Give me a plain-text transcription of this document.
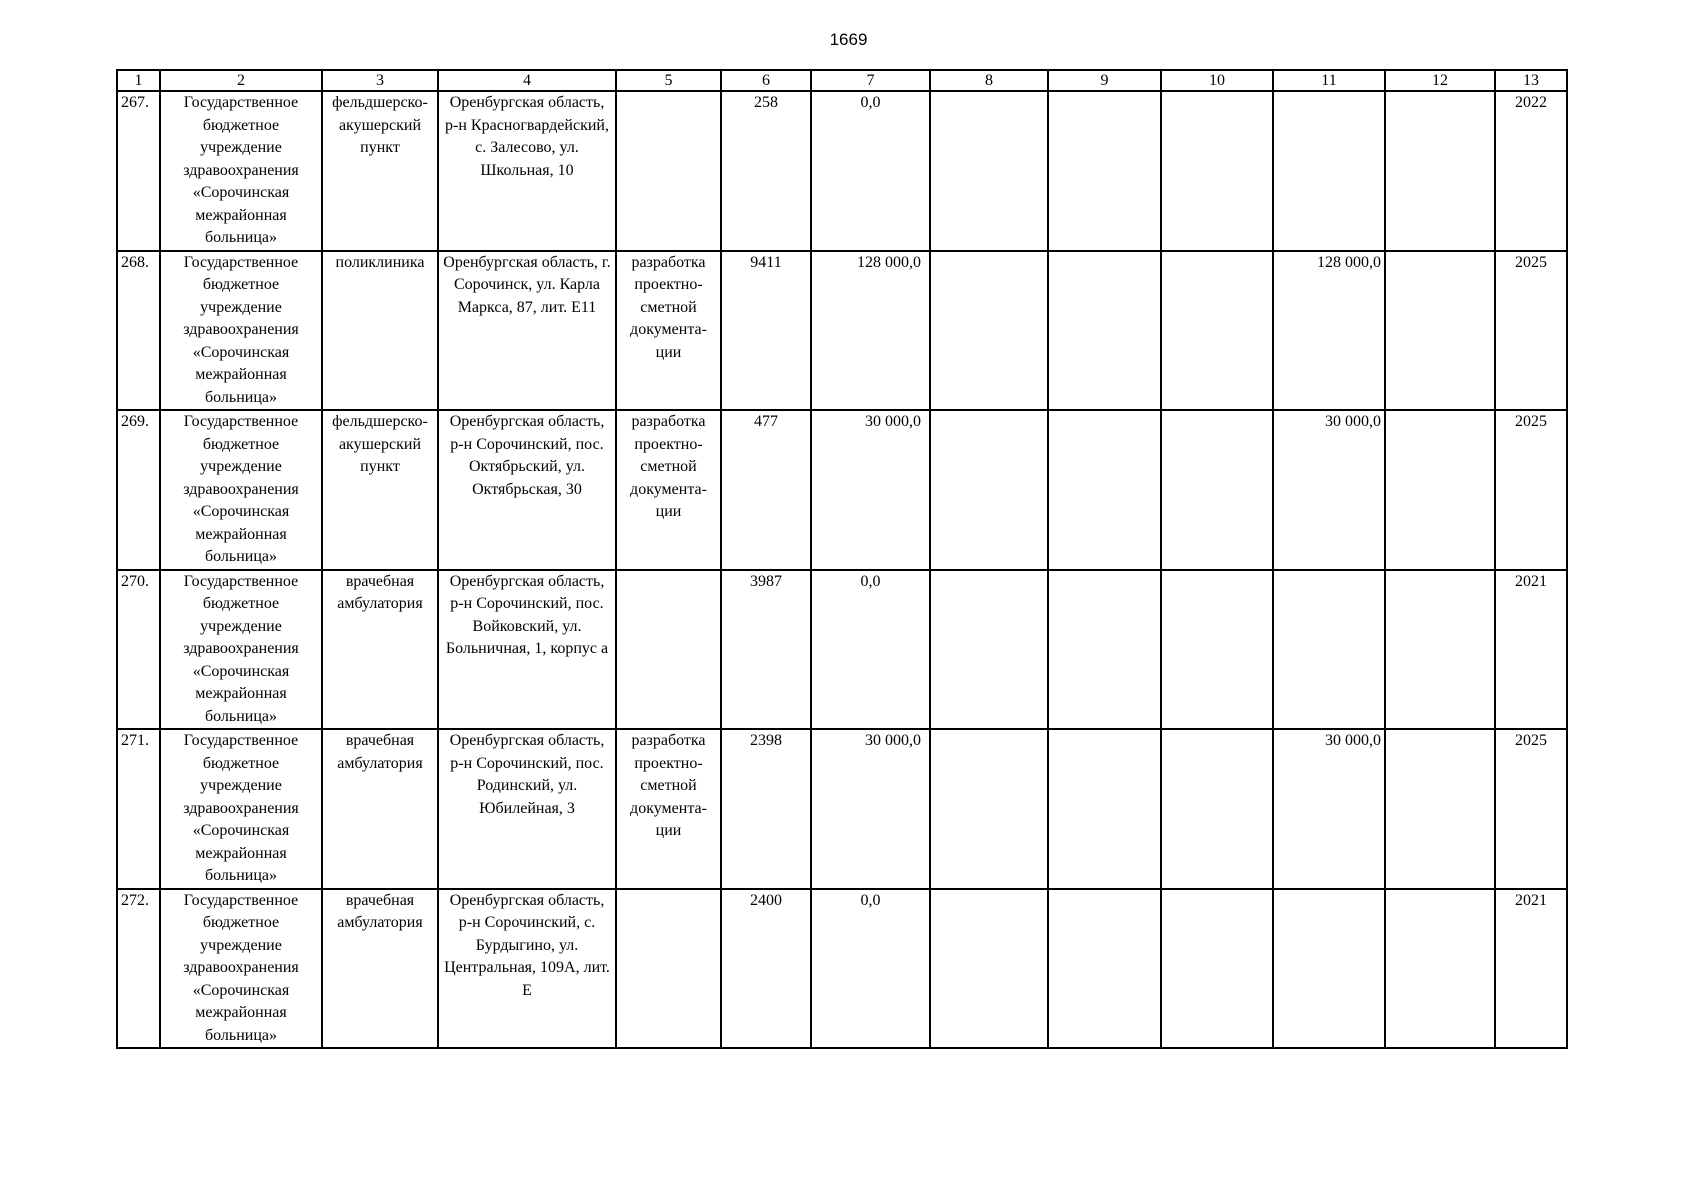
1669
1	2	3	4	5	6	7	8	9	10	11	12	13
267.	Государственное бюджетное учреждение здравоохранения «Сорочинская межрайонная больница»	фельдшерско-акушерский пункт	Оренбургская область, р-н Красногвардейский, с. Залесово, ул. Школьная, 10		258	0,0						2022
268.	Государственное бюджетное учреждение здравоохранения «Сорочинская межрайонная больница»	поликлиника	Оренбургская область, г. Сорочинск, ул. Карла Маркса, 87, лит. Е11	разработка проектно-сметной документа-ции	9411	128 000,0				128 000,0		2025
269.	Государственное бюджетное учреждение здравоохранения «Сорочинская межрайонная больница»	фельдшерско-акушерский пункт	Оренбургская область, р-н Сорочинский, пос. Октябрьский, ул. Октябрьская, 30	разработка проектно-сметной документа-ции	477	30 000,0				30 000,0		2025
270.	Государственное бюджетное учреждение здравоохранения «Сорочинская межрайонная больница»	врачебная амбулатория	Оренбургская область, р-н Сорочинский, пос. Войковский, ул. Больничная, 1, корпус а		3987	0,0						2021
271.	Государственное бюджетное учреждение здравоохранения «Сорочинская межрайонная больница»	врачебная амбулатория	Оренбургская область, р-н Сорочинский, пос. Родинский, ул. Юбилейная, 3	разработка проектно-сметной документа-ции	2398	30 000,0				30 000,0		2025
272.	Государственное бюджетное учреждение здравоохранения «Сорочинская межрайонная больница»	врачебная амбулатория	Оренбургская область, р-н Сорочинский, с. Бурдыгино, ул. Центральная, 109А, лит. Е		2400	0,0						2021
